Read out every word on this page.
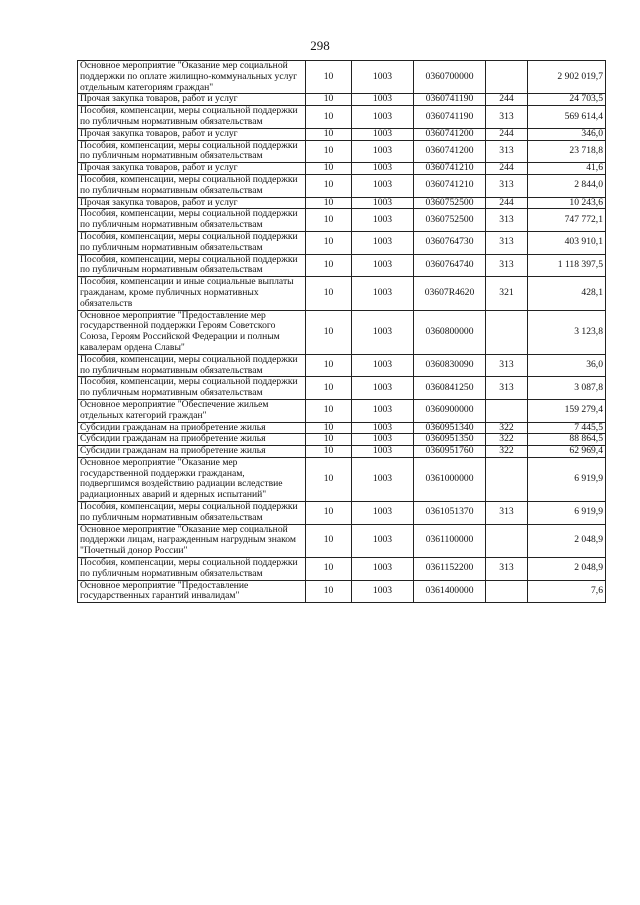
298
Основное мероприятие "Оказание мер социальной поддержки по оплате жилищно-коммунальных услуг отдельным категориям граждан"	10	1003	0360700000		2 902 019,7
Прочая закупка товаров, работ и услуг	10	1003	0360741190	244	24 703,5
Пособия, компенсации, меры социальной поддержки по публичным нормативным обязательствам	10	1003	0360741190	313	569 614,4
Прочая закупка товаров, работ и услуг	10	1003	0360741200	244	346,0
Пособия, компенсации, меры социальной поддержки по публичным нормативным обязательствам	10	1003	0360741200	313	23 718,8
Прочая закупка товаров, работ и услуг	10	1003	0360741210	244	41,6
Пособия, компенсации, меры социальной поддержки по публичным нормативным обязательствам	10	1003	0360741210	313	2 844,0
Прочая закупка товаров, работ и услуг	10	1003	0360752500	244	10 243,6
Пособия, компенсации, меры социальной поддержки по публичным нормативным обязательствам	10	1003	0360752500	313	747 772,1
Пособия, компенсации, меры социальной поддержки по публичным нормативным обязательствам	10	1003	0360764730	313	403 910,1
Пособия, компенсации, меры социальной поддержки по публичным нормативным обязательствам	10	1003	0360764740	313	1 118 397,5
Пособия, компенсации и иные социальные выплаты гражданам, кроме публичных нормативных обязательств	10	1003	03607R4620	321	428,1
Основное мероприятие "Предоставление мер государственной поддержки Героям Советского Союза, Героям Российской Федерации и полным кавалерам ордена Славы"	10	1003	0360800000		3 123,8
Пособия, компенсации, меры социальной поддержки по публичным нормативным обязательствам	10	1003	0360830090	313	36,0
Пособия, компенсации, меры социальной поддержки по публичным нормативным обязательствам	10	1003	0360841250	313	3 087,8
Основное мероприятие "Обеспечение жильем отдельных категорий граждан"	10	1003	0360900000		159 279,4
Субсидии гражданам на приобретение жилья	10	1003	0360951340	322	7 445,5
Субсидии гражданам на приобретение жилья	10	1003	0360951350	322	88 864,5
Субсидии гражданам на приобретение жилья	10	1003	0360951760	322	62 969,4
Основное мероприятие "Оказание мер государственной поддержки гражданам, подвергшимся воздействию радиации вследствие радиационных аварий и ядерных испытаний"	10	1003	0361000000		6 919,9
Пособия, компенсации, меры социальной поддержки по публичным нормативным обязательствам	10	1003	0361051370	313	6 919,9
Основное мероприятие "Оказание мер социальной поддержки лицам, награжденным нагрудным знаком "Почетный донор России"	10	1003	0361100000		2 048,9
Пособия, компенсации, меры социальной поддержки по публичным нормативным обязательствам	10	1003	0361152200	313	2 048,9
Основное мероприятие "Предоставление государственных гарантий инвалидам"	10	1003	0361400000		7,6
